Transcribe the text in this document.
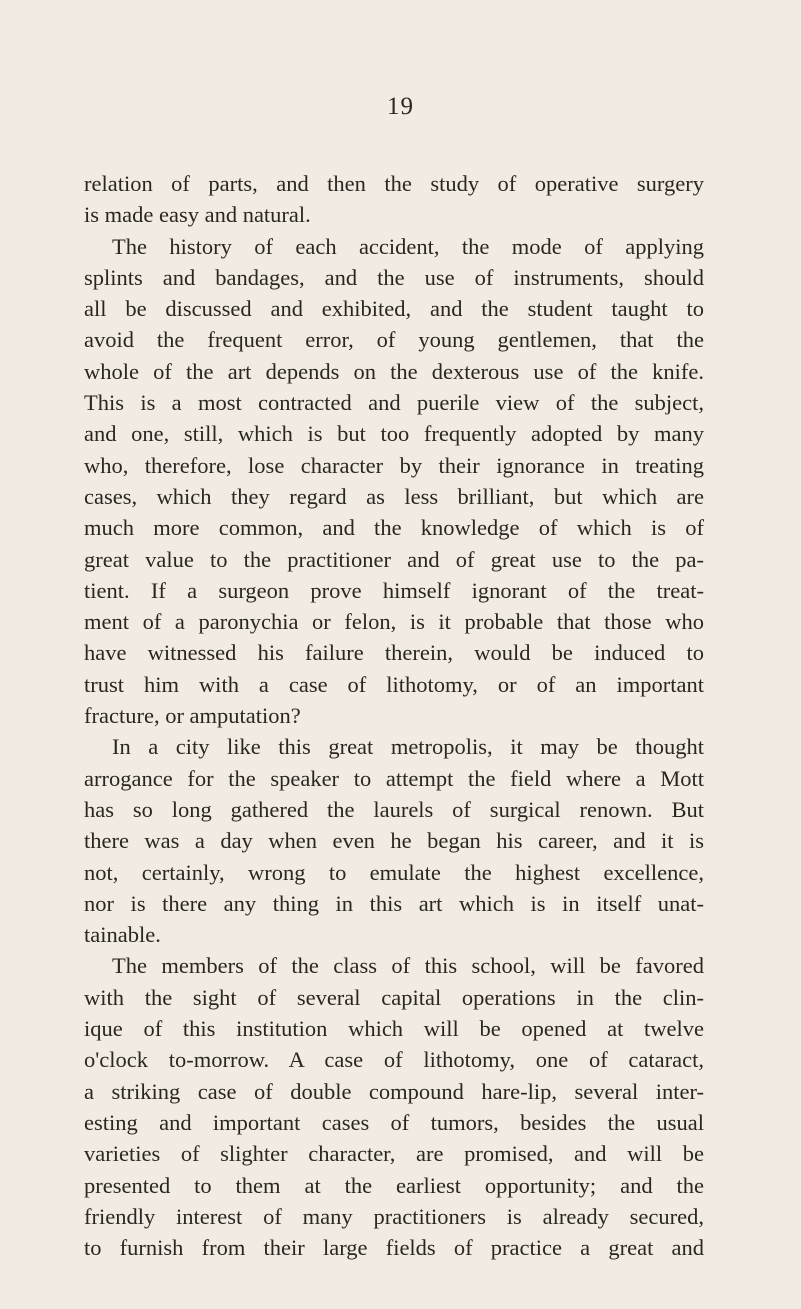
19
relation of parts, and then the study of operative surgery
is made easy and natural.
The history of each accident, the mode of applying
splints and bandages, and the use of instruments, should
all be discussed and exhibited, and the student taught to
avoid the frequent error, of young gentlemen, that the
whole of the art depends on the dexterous use of the knife.
This is a most contracted and puerile view of the subject,
and one, still, which is but too frequently adopted by many
who, therefore, lose character by their ignorance in treating
cases, which they regard as less brilliant, but which are
much more common, and the knowledge of which is of
great value to the practitioner and of great use to the pa-
tient. If a surgeon prove himself ignorant of the treat-
ment of a paronychia or felon, is it probable that those who
have witnessed his failure therein, would be induced to
trust him with a case of lithotomy, or of an important
fracture, or amputation?
In a city like this great metropolis, it may be thought
arrogance for the speaker to attempt the field where a Mott
has so long gathered the laurels of surgical renown. But
there was a day when even he began his career, and it is
not, certainly, wrong to emulate the highest excellence,
nor is there any thing in this art which is in itself unat-
tainable.
The members of the class of this school, will be favored
with the sight of several capital operations in the clin-
ique of this institution which will be opened at twelve
o'clock to-morrow. A case of lithotomy, one of cataract,
a striking case of double compound hare-lip, several inter-
esting and important cases of tumors, besides the usual
varieties of slighter character, are promised, and will be
presented to them at the earliest opportunity; and the
friendly interest of many practitioners is already secured,
to furnish from their large fields of practice a great and
